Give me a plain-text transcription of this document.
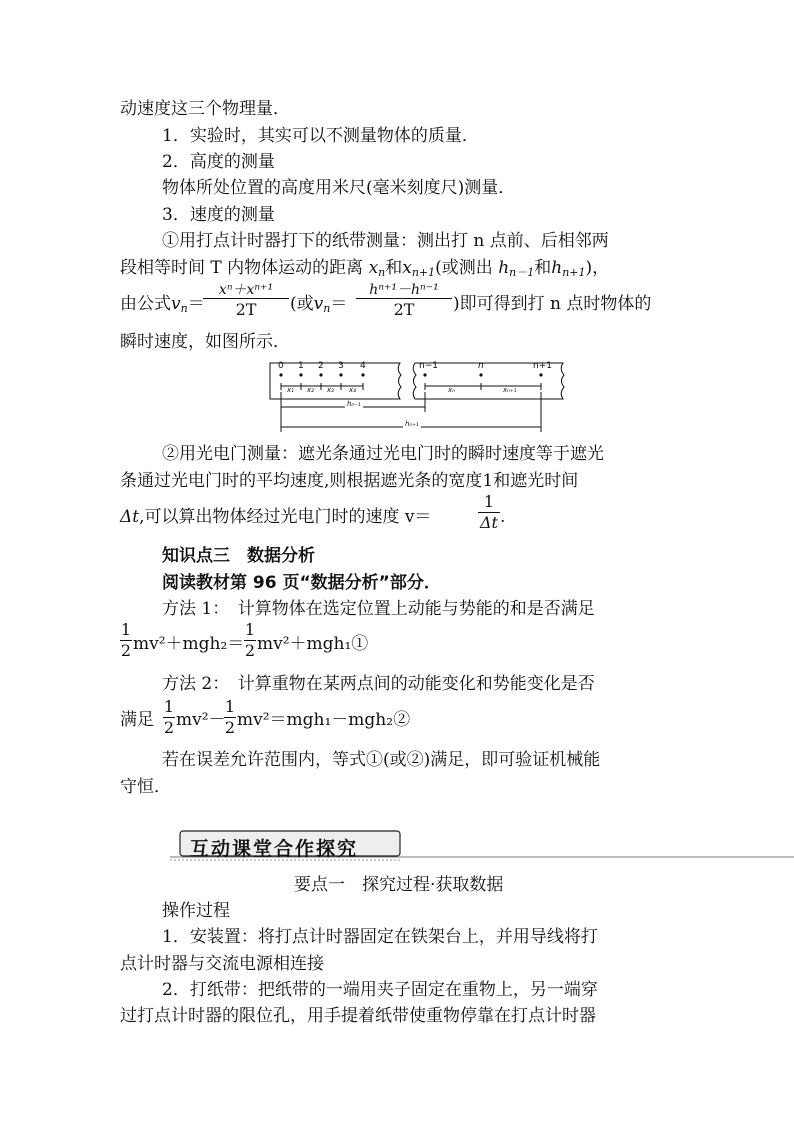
动速度这三个物理量．
1．实验时，其实可以不测量物体的质量．
2．高度的测量
物体所处位置的高度用米尺(毫米刻度尺)测量．
3．速度的测量
①用打点计时器打下的纸带测量：测出打 n 点前、后相邻两
段相等时间 T 内物体运动的距离 $x_n$和$x_{n+1}$(或测出 $h_{n-1}$和$h_{n+1}$)，
由公式$v_n=$
$\frac{\text{xⁿ＋xⁿ⁺¹}}{2T}$ (或$v_n= \frac{\text{hⁿ⁺¹－hⁿ⁻¹}}{2T}$ )即可得到打 n 点时物体的
瞬时速度，如图所示．
0 1 2 3 4	n−1	n	n+1
x₁ x₂ x₃ x₄	xₙ	xₙ₊₁
hₙ₋₁
hₙ₊₁
②用光电门测量：遮光条通过光电门时的瞬时速度等于遮光
条通过光电门时的平均速度,则根据遮光条的宽度1和遮光时间
Δt,可以算出物体经过光电门时的速度 v＝	$\frac{1}{\Delta t}$ .
知识点三　数据分析
阅读教材第 96 页“数据分析”部分．
方法 1：　计算物体在选定位置上动能与势能的和是否满足
$\frac{1}{2} mv^2+mgh_2= \frac{1}{2}$ mv²＋mgh₁①
方法 2：　计算重物在某两点间的动能变化和势能变化是否
满足 $\frac{1}{2} mv^2-$
$\frac{1}{2}$ mv²＝mgh₁－mgh₂②
若在误差允许范围内，等式①(或②)满足，即可验证机械能
守恒．
互动课堂合作探究
要点一　探究过程·获取数据
操作过程
1．安装置：将打点计时器固定在铁架台上，并用导线将打
点计时器与交流电源相连接
2．打纸带：把纸带的一端用夹子固定在重物上，另一端穿
过打点计时器的限位孔，用手提着纸带使重物停靠在打点计时器
